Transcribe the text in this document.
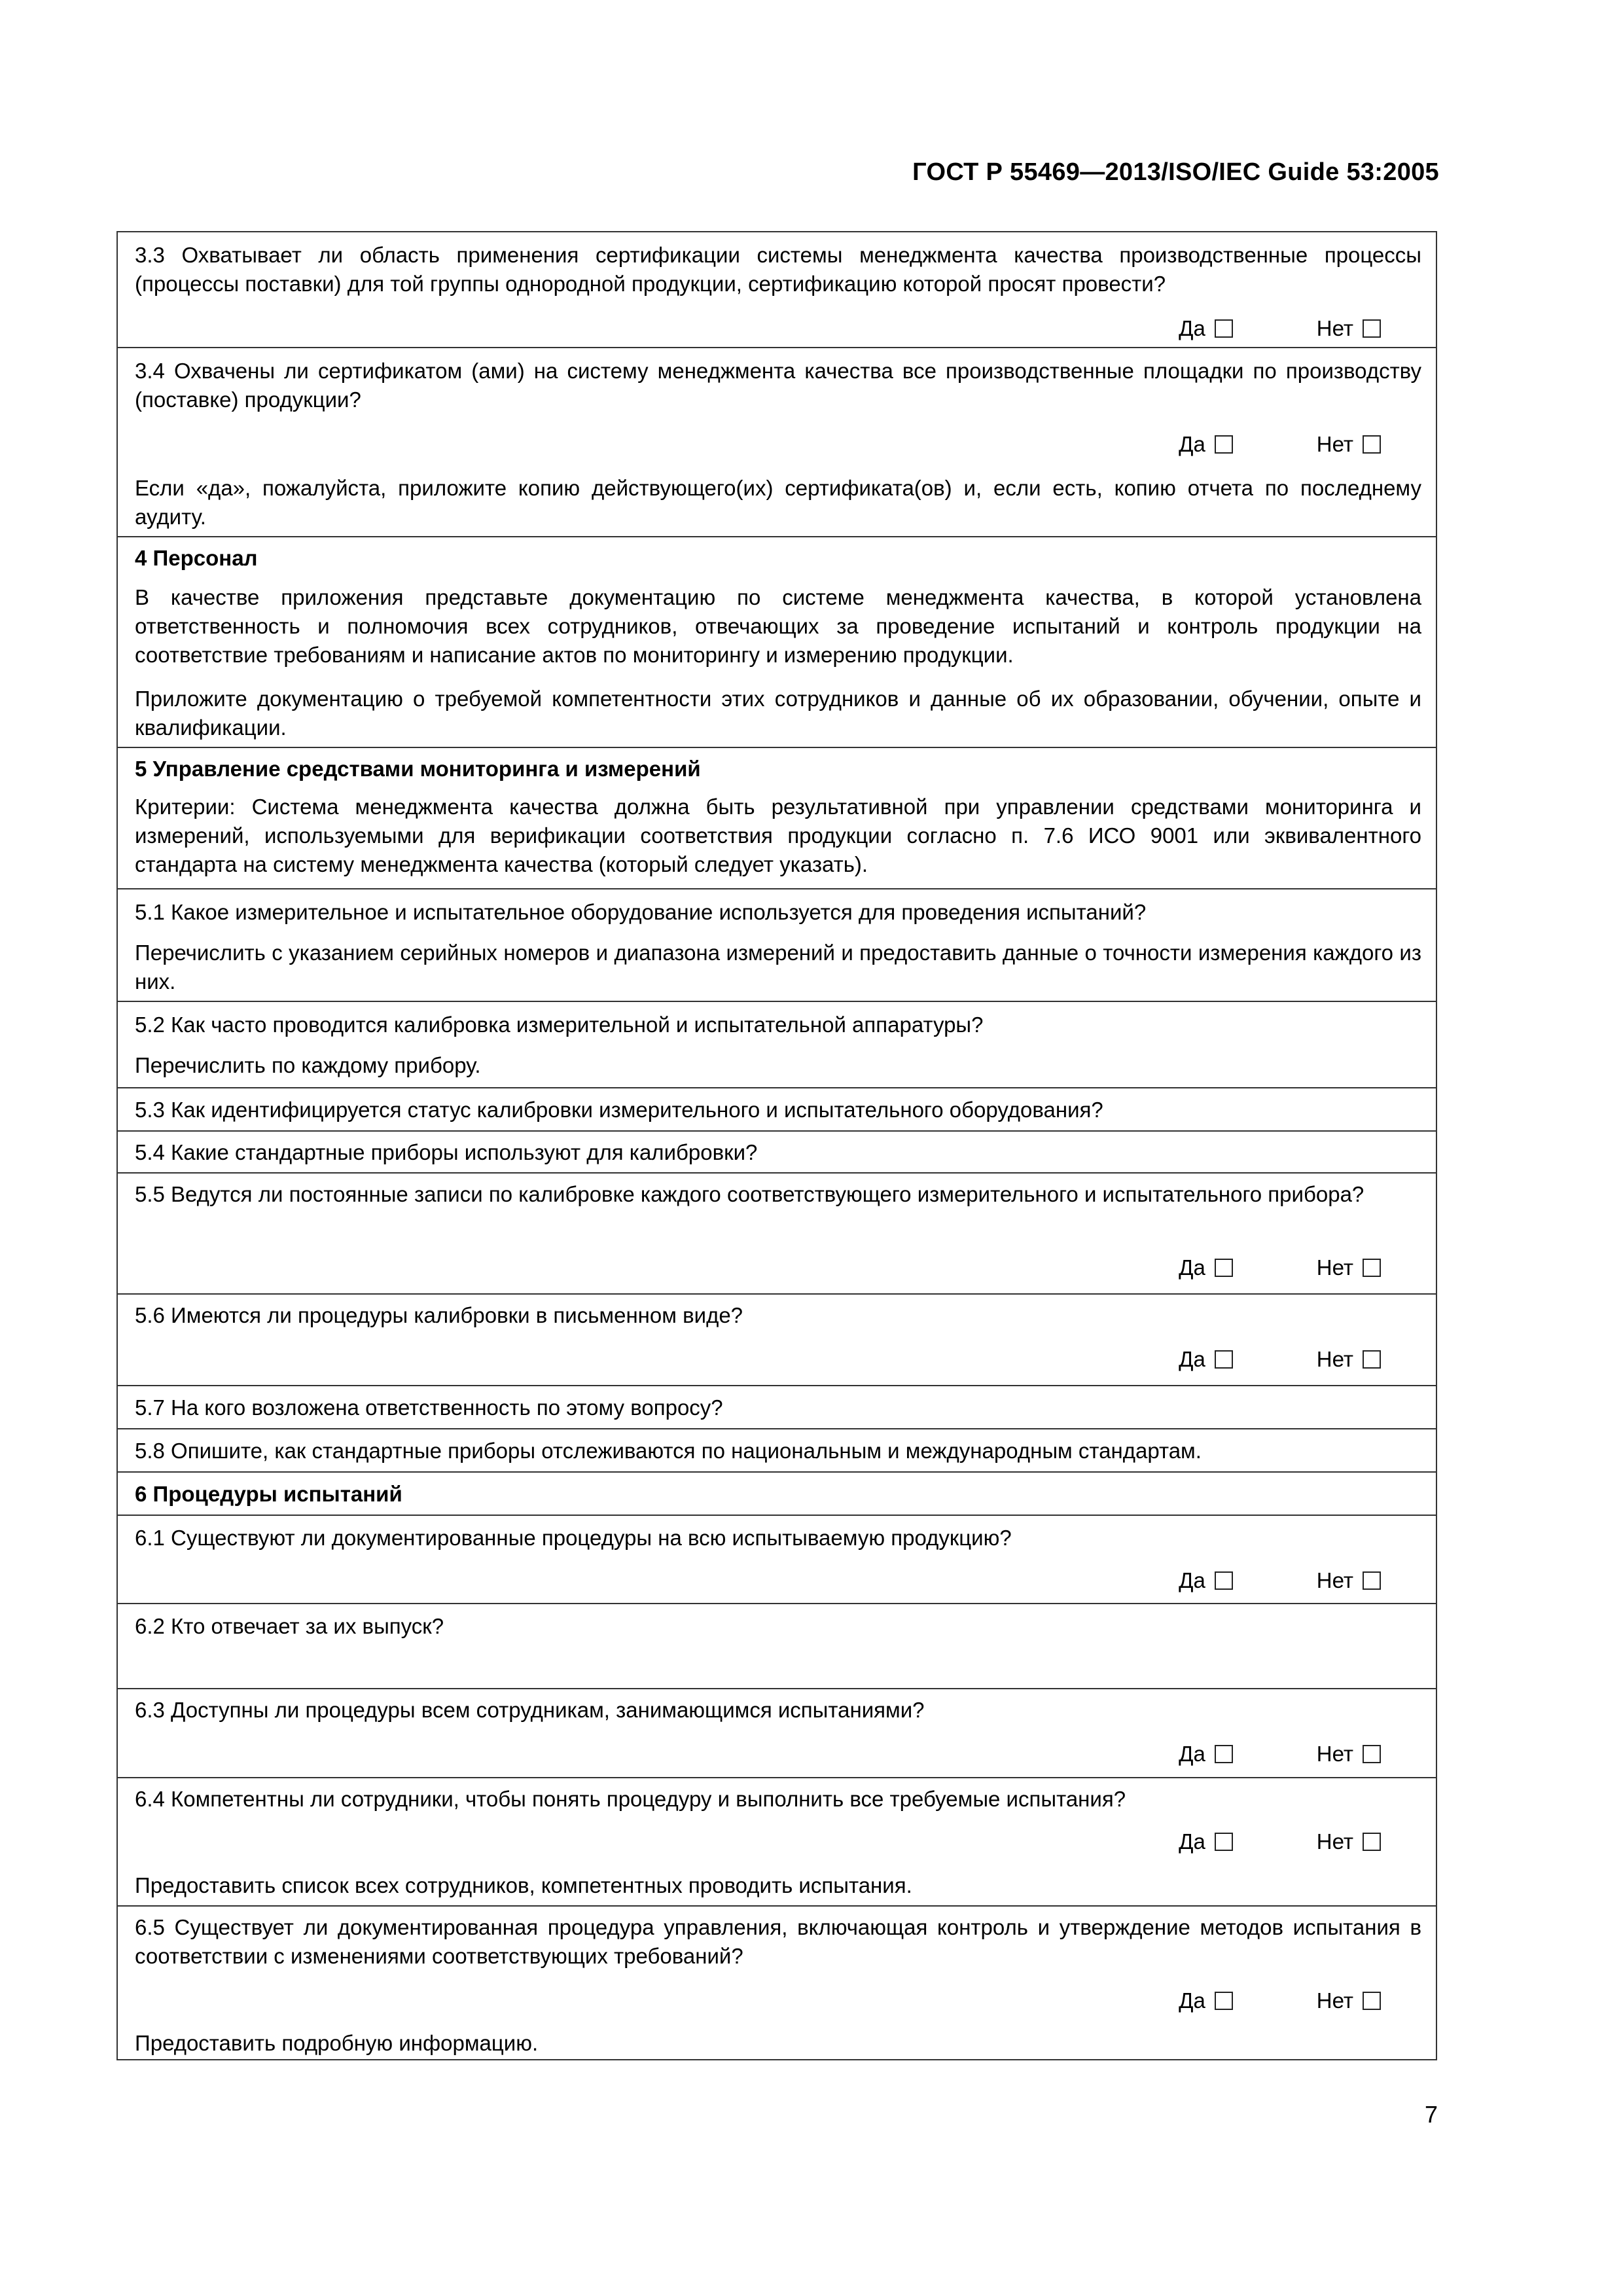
ГОСТ Р 55469—2013/ISO/IEC Guide 53:2005
3.3 Охватывает ли область применения сертификации системы менеджмента качества производственные процессы (процессы поставки) для той группы однородной продукции, сертификацию которой просят провести?
Да	Нет
3.4 Охвачены ли сертификатом (ами) на систему менеджмента качества все производственные площадки по производству (поставке) продукции?
Да	Нет
Если «да», пожалуйста, приложите копию действующего(их) сертификата(ов) и, если есть, копию отчета по последнему аудиту.
4 Персонал
В качестве приложения представьте документацию по системе менеджмента качества, в которой установлена ответственность и полномочия всех сотрудников, отвечающих за проведение испытаний и контроль продукции на соответствие требованиям и написание актов по мониторингу и измерению продукции.
Приложите документацию о требуемой компетентности этих сотрудников и данные об их образовании, обучении, опыте и квалификации.
5 Управление средствами мониторинга и измерений
Критерии: Система менеджмента качества должна быть результативной при управлении средствами мониторинга и измерений, используемыми для верификации соответствия продукции согласно п. 7.6 ИСО 9001 или эквивалентного стандарта на систему менеджмента качества (который следует указать).
5.1 Какое измерительное и испытательное оборудование используется для проведения испытаний?
Перечислить с указанием серийных номеров и диапазона измерений и предоставить данные о точности измерения каждого из них.
5.2 Как часто проводится калибровка измерительной и испытательной аппаратуры?
Перечислить по каждому прибору.
5.3 Как идентифицируется статус калибровки измерительного и испытательного оборудования?
5.4 Какие стандартные приборы используют для калибровки?
5.5 Ведутся ли постоянные записи по калибровке каждого соответствующего измерительного и испытательного прибора?
Да	Нет
5.6 Имеются ли процедуры калибровки в письменном виде?
Да	Нет
5.7 На кого возложена ответственность по этому вопросу?
5.8 Опишите, как стандартные приборы отслеживаются по национальным и международным стандартам.
6 Процедуры испытаний
6.1 Существуют ли документированные процедуры на всю испытываемую продукцию?
Да	Нет
6.2 Кто отвечает за их выпуск?
6.3 Доступны ли процедуры всем сотрудникам, занимающимся испытаниями?
Да	Нет
6.4 Компетентны ли сотрудники, чтобы понять процедуру и выполнить все требуемые испытания?
Да	Нет
Предоставить список всех сотрудников, компетентных проводить испытания.
6.5 Существует ли документированная процедура управления, включающая контроль и утверждение методов испытания в соответствии с изменениями соответствующих требований?
Да	Нет
Предоставить подробную информацию.
7
